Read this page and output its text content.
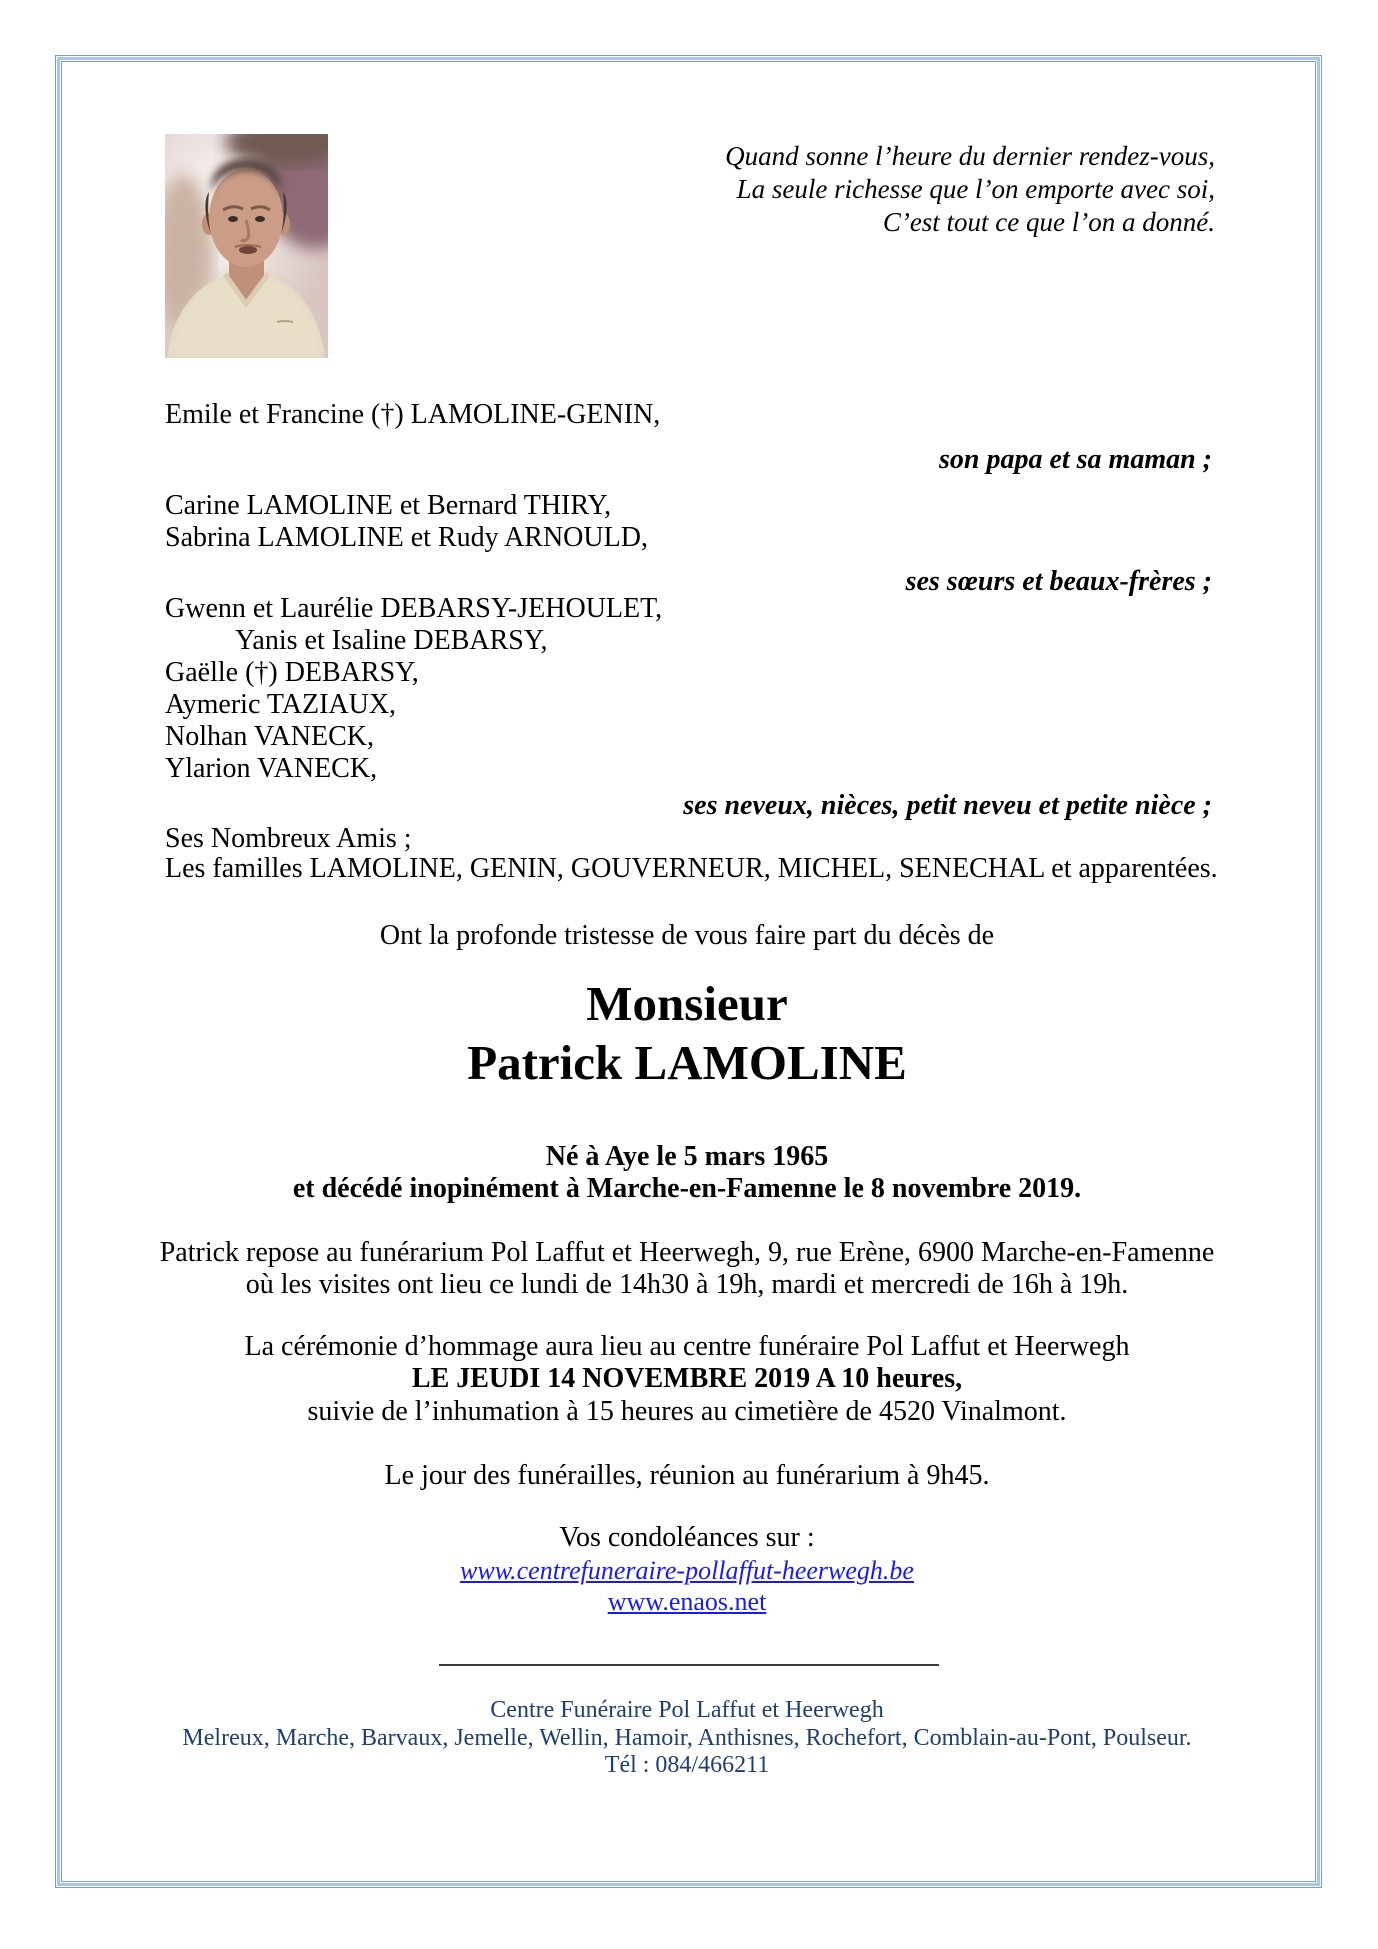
Quand sonne l’heure du dernier rendez-vous,
La seule richesse que l’on emporte avec soi,
C’est tout ce que l’on a donné.
Emile et Francine (†) LAMOLINE-GENIN,
son papa et sa maman ;
Carine LAMOLINE et Bernard THIRY,
Sabrina LAMOLINE et Rudy ARNOULD,
ses sœurs et beaux-frères ;
Gwenn et Laurélie DEBARSY-JEHOULET,
Yanis et Isaline DEBARSY,
Gaëlle (†) DEBARSY,
Aymeric TAZIAUX,
Nolhan VANECK,
Ylarion VANECK,
ses neveux, nièces, petit neveu et petite nièce ;
Ses Nombreux Amis ;
Les familles LAMOLINE, GENIN, GOUVERNEUR, MICHEL, SENECHAL et apparentées.
Ont la profonde tristesse de vous faire part du décès de
Monsieur
Patrick LAMOLINE
Né à Aye le 5 mars 1965
et décédé inopinément à Marche-en-Famenne le 8 novembre 2019.
Patrick repose au funérarium Pol Laffut et Heerwegh, 9, rue Erène, 6900 Marche-en-Famenne
où les visites ont lieu ce lundi de 14h30 à 19h, mardi et mercredi de 16h à 19h.
La cérémonie d’hommage aura lieu au centre funéraire Pol Laffut et Heerwegh
LE JEUDI 14 NOVEMBRE 2019 A 10 heures,
suivie de l’inhumation à 15 heures au cimetière de 4520 Vinalmont.
Le jour des funérailles, réunion au funérarium à 9h45.
Vos condoléances sur :
www.centrefuneraire-pollaffut-heerwegh.be
www.enaos.net
Centre Funéraire Pol Laffut et Heerwegh
Melreux, Marche, Barvaux, Jemelle, Wellin, Hamoir, Anthisnes, Rochefort, Comblain-au-Pont, Poulseur.
Tél : 084/466211
